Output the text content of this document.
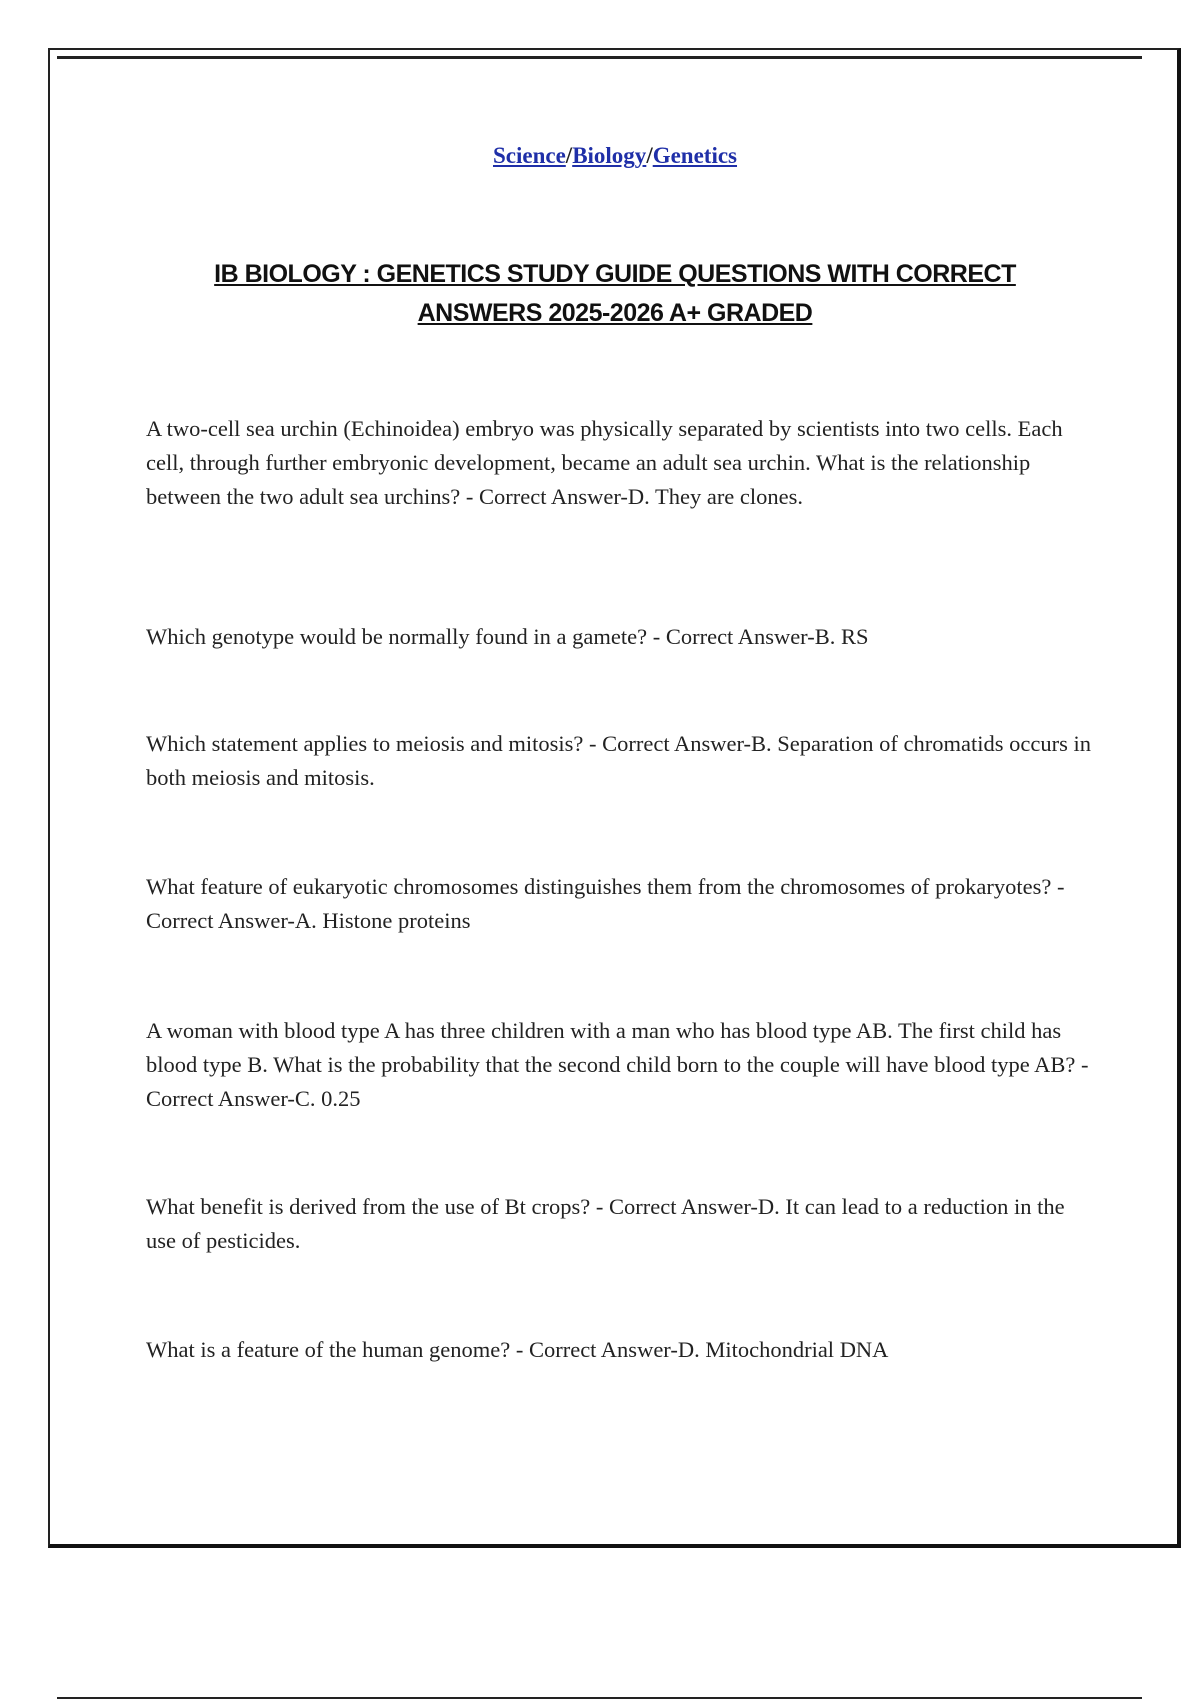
Science/Biology/Genetics
IB BIOLOGY : GENETICS STUDY GUIDE QUESTIONS WITH CORRECT ANSWERS 2025-2026 A+ GRADED

A two-cell sea urchin (Echinoidea) embryo was physically separated by scientists into two cells. Each cell, through further embryonic development, became an adult sea urchin. What is the relationship between the two adult sea urchins? - Correct Answer-D. They are clones.

Which genotype would be normally found in a gamete? - Correct Answer-B. RS

Which statement applies to meiosis and mitosis? - Correct Answer-B. Separation of chromatids occurs in both meiosis and mitosis.

What feature of eukaryotic chromosomes distinguishes them from the chromosomes of prokaryotes? - Correct Answer-A. Histone proteins

A woman with blood type A has three children with a man who has blood type AB. The first child has blood type B. What is the probability that the second child born to the couple will have blood type AB? - Correct Answer-C. 0.25

What benefit is derived from the use of Bt crops? - Correct Answer-D. It can lead to a reduction in the use of pesticides.

What is a feature of the human genome? - Correct Answer-D. Mitochondrial DNA
